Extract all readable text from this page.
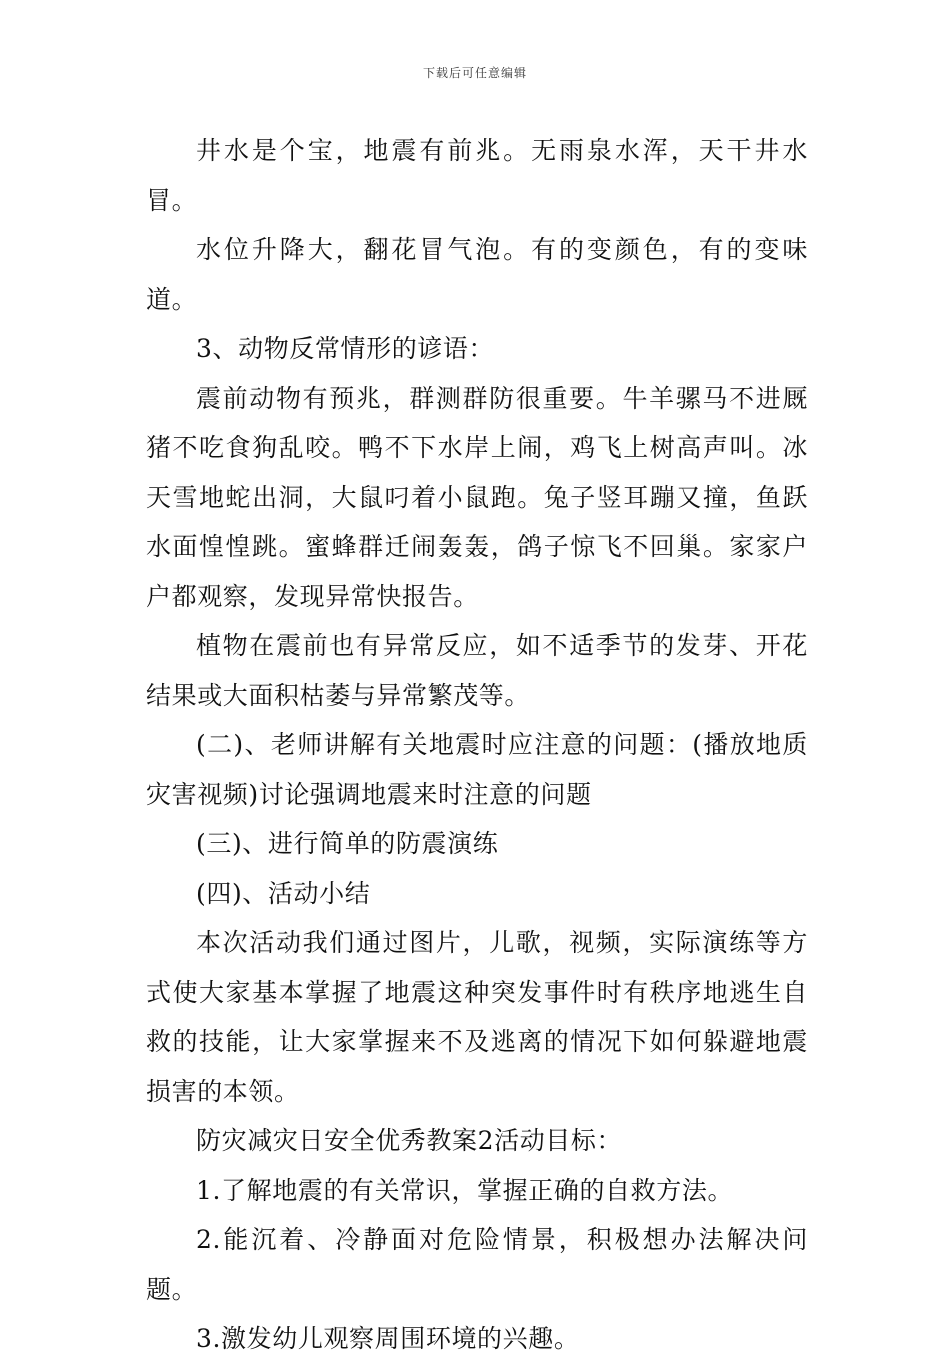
下载后可任意编辑

井水是个宝，地震有前兆。无雨泉水浑，天干井水冒。

水位升降大，翻花冒气泡。有的变颜色，有的变味道。

3、动物反常情形的谚语：

震前动物有预兆，群测群防很重要。牛羊骡马不进厩猪不吃食狗乱咬。鸭不下水岸上闹，鸡飞上树高声叫。冰天雪地蛇出洞，大鼠叼着小鼠跑。兔子竖耳蹦又撞，鱼跃水面惶惶跳。蜜蜂群迁闹轰轰，鸽子惊飞不回巢。家家户户都观察，发现异常快报告。

植物在震前也有异常反应，如不适季节的发芽、开花结果或大面积枯萎与异常繁茂等。

(二)、老师讲解有关地震时应注意的问题：(播放地质灾害视频)讨论强调地震来时注意的问题

(三)、进行简单的防震演练

(四)、活动小结

本次活动我们通过图片，儿歌，视频，实际演练等方式使大家基本掌握了地震这种突发事件时有秩序地逃生自救的技能，让大家掌握来不及逃离的情况下如何躲避地震损害的本领。

防灾减灾日安全优秀教案2活动目标：

1.了解地震的有关常识，掌握正确的自救方法。

2.能沉着、冷静面对危险情景，积极想办法解决问题。

3.激发幼儿观察周围环境的兴趣。
